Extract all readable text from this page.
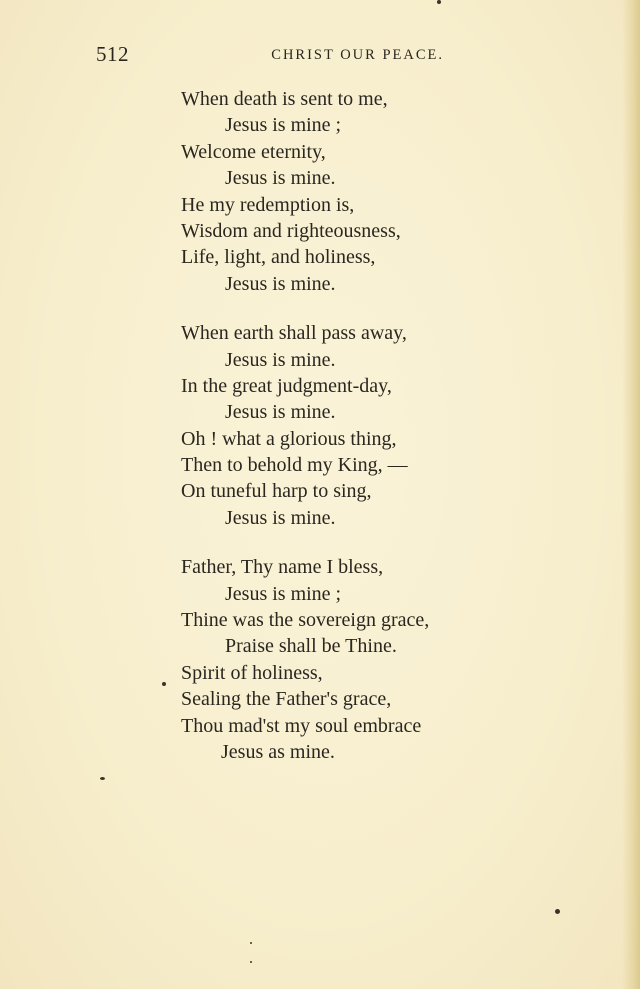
512	CHRIST OUR PEACE.
When death is sent to me,
Jesus is mine ;
Welcome eternity,
Jesus is mine.
He my redemption is,
Wisdom and righteousness,
Life, light, and holiness,
Jesus is mine.
When earth shall pass away,
Jesus is mine.
In the great judgment-day,
Jesus is mine.
Oh ! what a glorious thing,
Then to behold my King, —
On tuneful harp to sing,
Jesus is mine.
Father, Thy name I bless,
Jesus is mine ;
Thine was the sovereign grace,
Praise shall be Thine.
Spirit of holiness,
Sealing the Father's grace,
Thou mad'st my soul embrace
Jesus as mine.
